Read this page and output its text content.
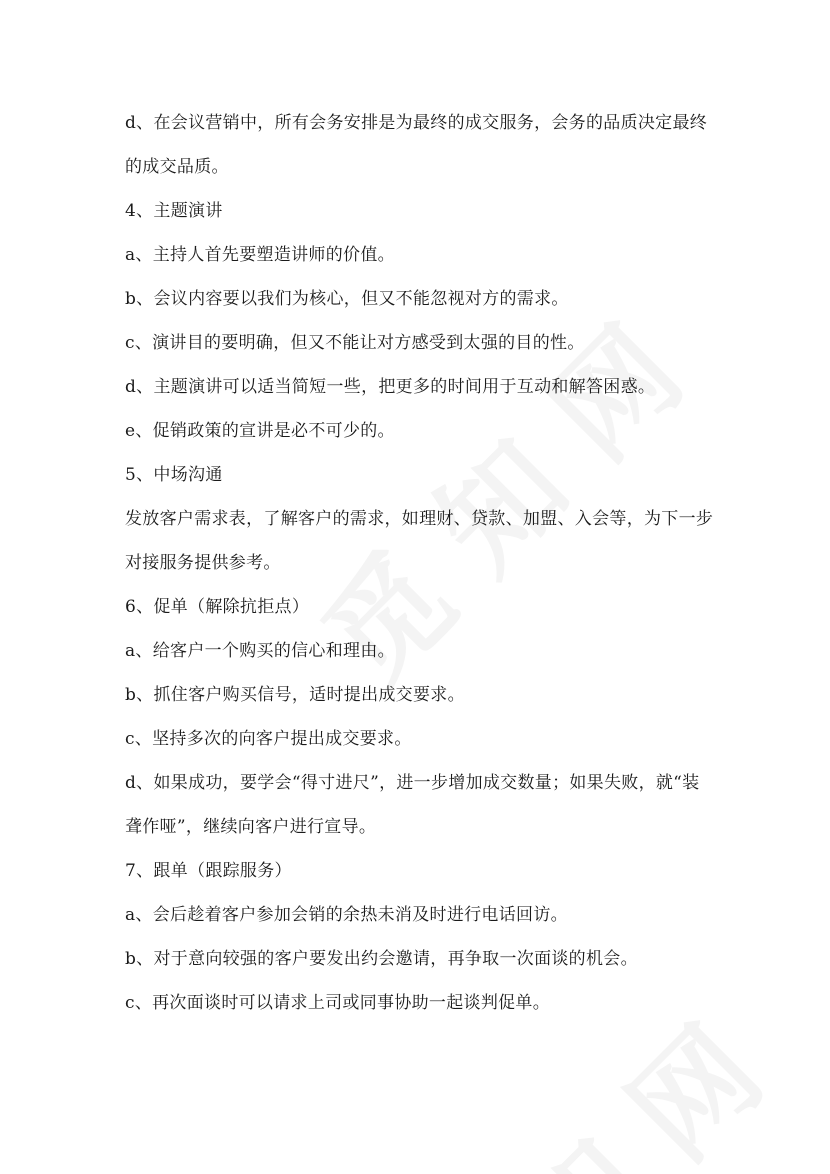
d、在会议营销中，所有会务安排是为最终的成交服务，会务的品质决定最终
的成交品质。
4、主题演讲
a、主持人首先要塑造讲师的价值。
b、会议内容要以我们为核心，但又不能忽视对方的需求。
c、演讲目的要明确，但又不能让对方感受到太强的目的性。
d、主题演讲可以适当简短一些，把更多的时间用于互动和解答困惑。
e、促销政策的宣讲是必不可少的。
5、中场沟通
发放客户需求表，了解客户的需求，如理财、贷款、加盟、入会等，为下一步
对接服务提供参考。
6、促单（解除抗拒点）
a、给客户一个购买的信心和理由。
b、抓住客户购买信号，适时提出成交要求。
c、坚持多次的向客户提出成交要求。
d、如果成功，要学会“得寸进尺”，进一步增加成交数量；如果失败，就“装
聋作哑”，继续向客户进行宣导。
7、跟单（跟踪服务）
a、会后趁着客户参加会销的余热未消及时进行电话回访。
b、对于意向较强的客户要发出约会邀请，再争取一次面谈的机会。
c、再次面谈时可以请求上司或同事协助一起谈判促单。
